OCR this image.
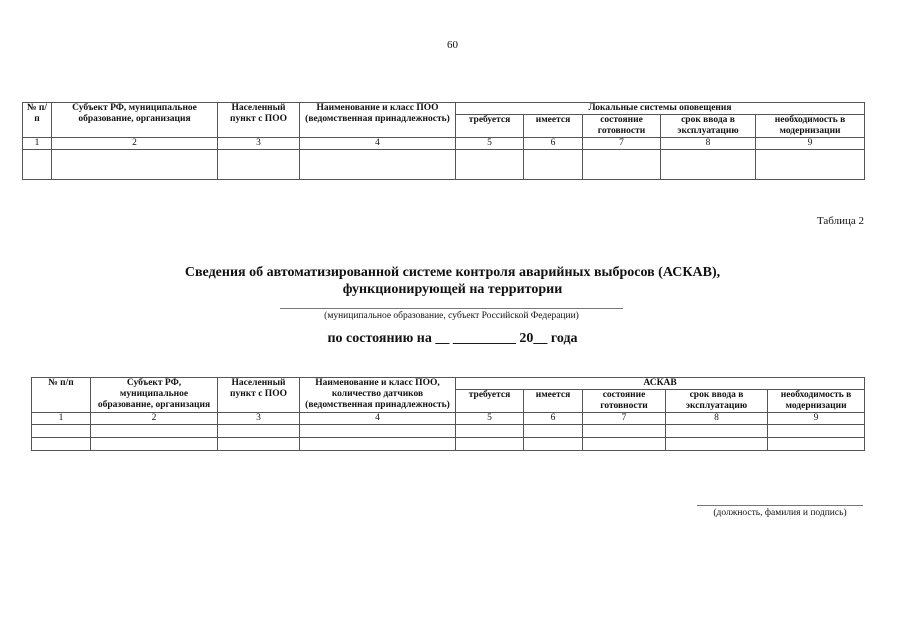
60
№ п/п	Субъект РФ, муниципальное образование, организация	Населенный пункт с ПОО	Наименование и класс ПОО (ведомственная принадлежность)	Локальные системы оповещения				
				требуется	имеется	состояние готовности	срок ввода в эксплуатацию	необходимость в модернизации
1	2	3	4	5	6	7	8	9

Таблица 2
Сведения об автоматизированной системе контроля аварийных выбросов (АСКАВ),
функционирующей на территории
(муниципальное образование, субъект Российской Федерации)
по состоянию на __ _________ 20__ года
№ п/п	Субъект РФ, муниципальное образование, организация	Населенный пункт с ПОО	Наименование и класс ПОО, количество датчиков (ведомственная принадлежность)	АСКАВ				
				требуется	имеется	состояние готовности	срок ввода в эксплуатацию	необходимость в модернизации
1	2	3	4	5	6	7	8	9

(должность, фамилия и подпись)
